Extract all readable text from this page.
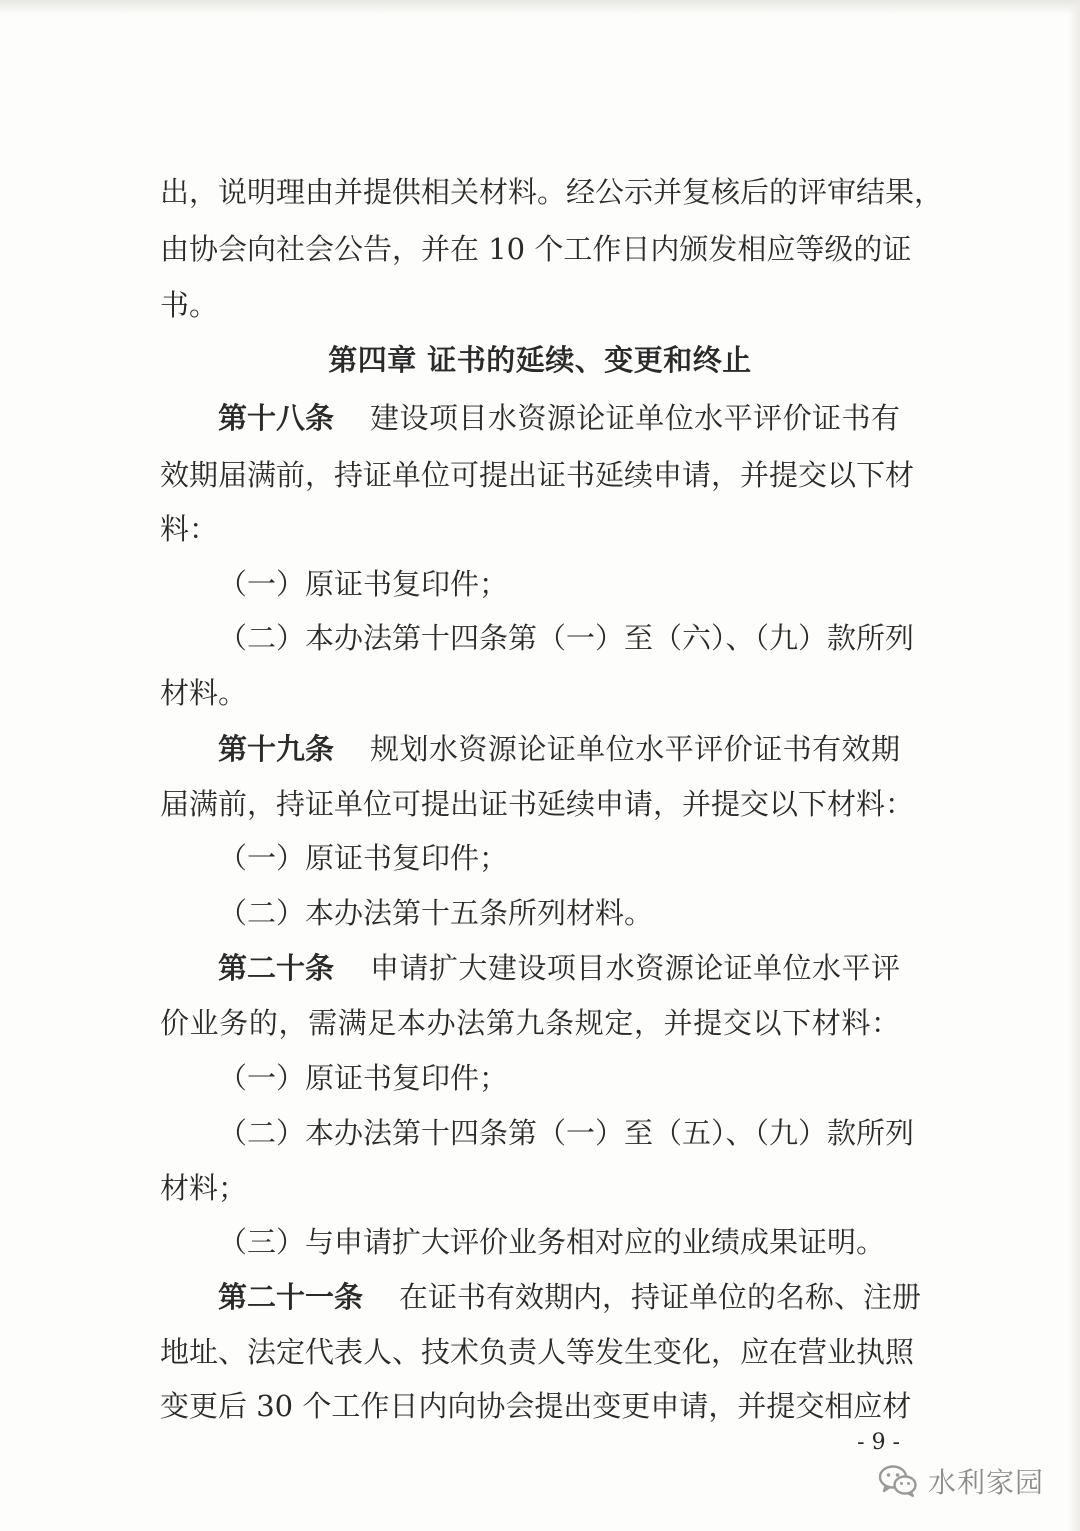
出，说明理由并提供相关材料。经公示并复核后的评审结果，
由协会向社会公告，并在 10 个工作日内颁发相应等级的证
书。
第四章 证书的延续、变更和终止
第十八条 建设项目水资源论证单位水平评价证书有
效期届满前，持证单位可提出证书延续申请，并提交以下材
料：
（一）原证书复印件；
（二）本办法第十四条第（一）至（六）、（九）款所列
材料。
第十九条 规划水资源论证单位水平评价证书有效期
届满前，持证单位可提出证书延续申请，并提交以下材料：
（一）原证书复印件；
（二）本办法第十五条所列材料。
第二十条 申请扩大建设项目水资源论证单位水平评
价业务的，需满足本办法第九条规定，并提交以下材料：
（一）原证书复印件；
（二）本办法第十四条第（一）至（五）、（九）款所列
材料；
（三）与申请扩大评价业务相对应的业绩成果证明。
第二十一条 在证书有效期内，持证单位的名称、注册
地址、法定代表人、技术负责人等发生变化，应在营业执照
变更后 30 个工作日内向协会提出变更申请，并提交相应材
- 9 -
水利家园
